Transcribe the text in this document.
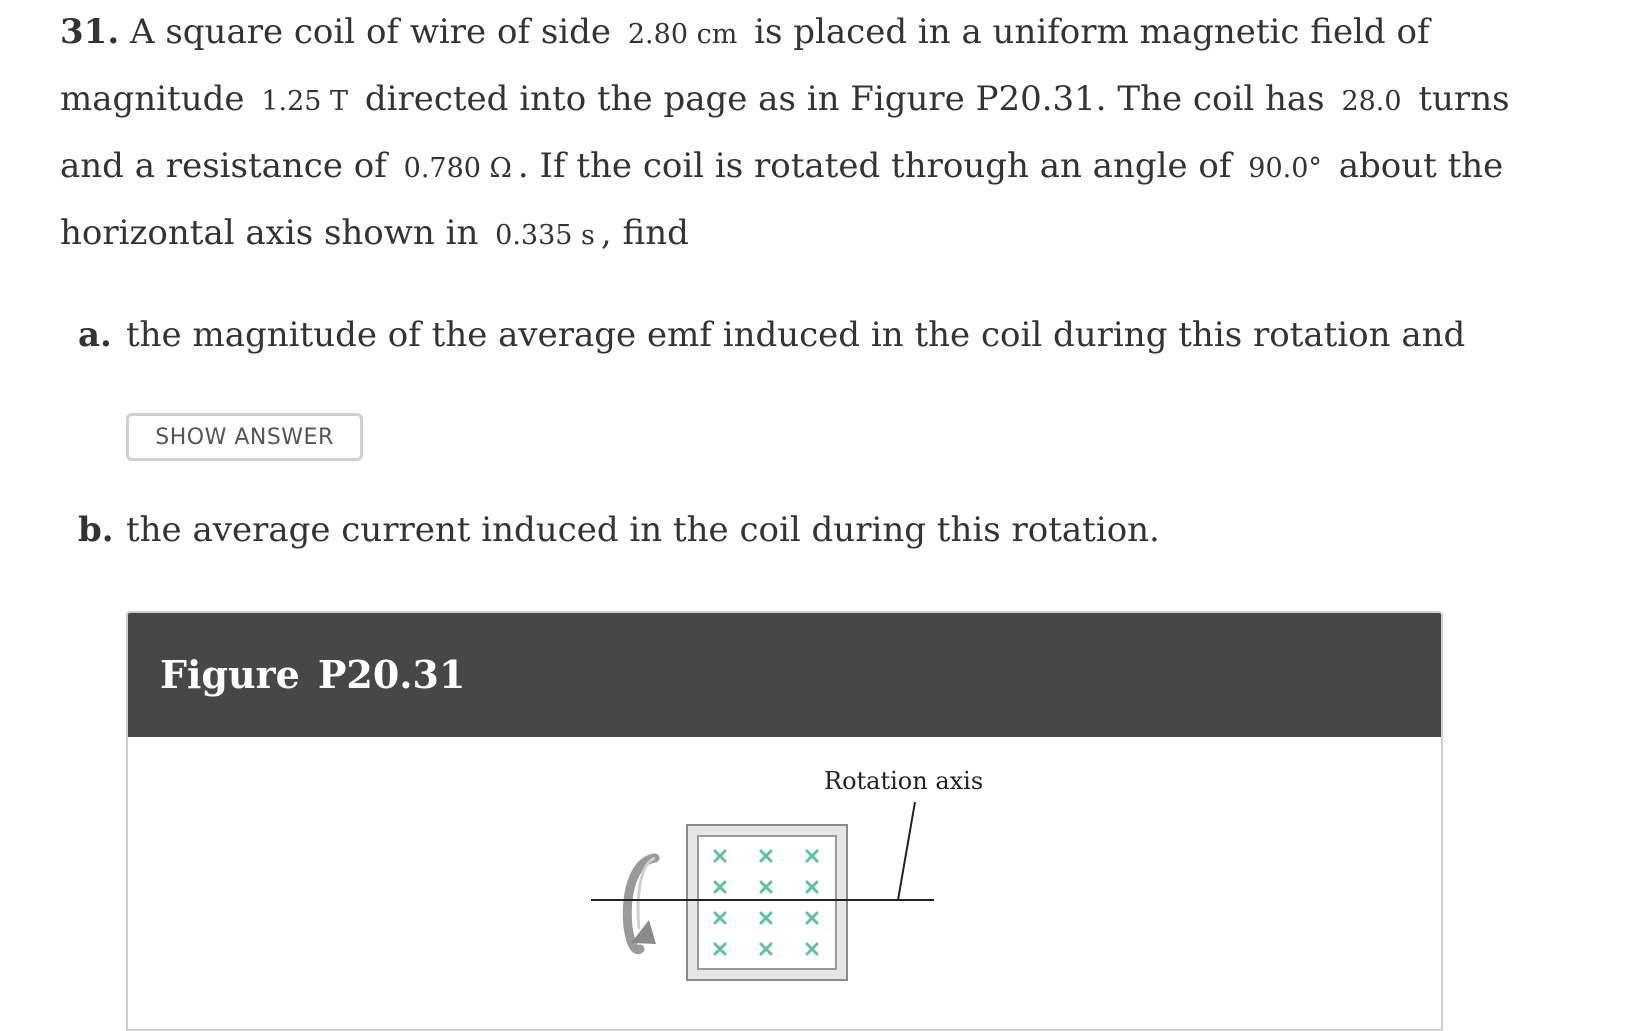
31. A square coil of wire of side 2.80 cm is placed in a uniform magnetic field of magnitude 1.25 T directed into the page as in Figure P20.31. The coil has 28.0 turns and a resistance of 0.780 Ω . If the coil is rotated through an angle of 90.0° about the horizontal axis shown in 0.335 s , find
a. the magnitude of the average emf induced in the coil during this rotation and
SHOW ANSWER
b. the average current induced in the coil during this rotation.
Figure P20.31
Rotation axis
